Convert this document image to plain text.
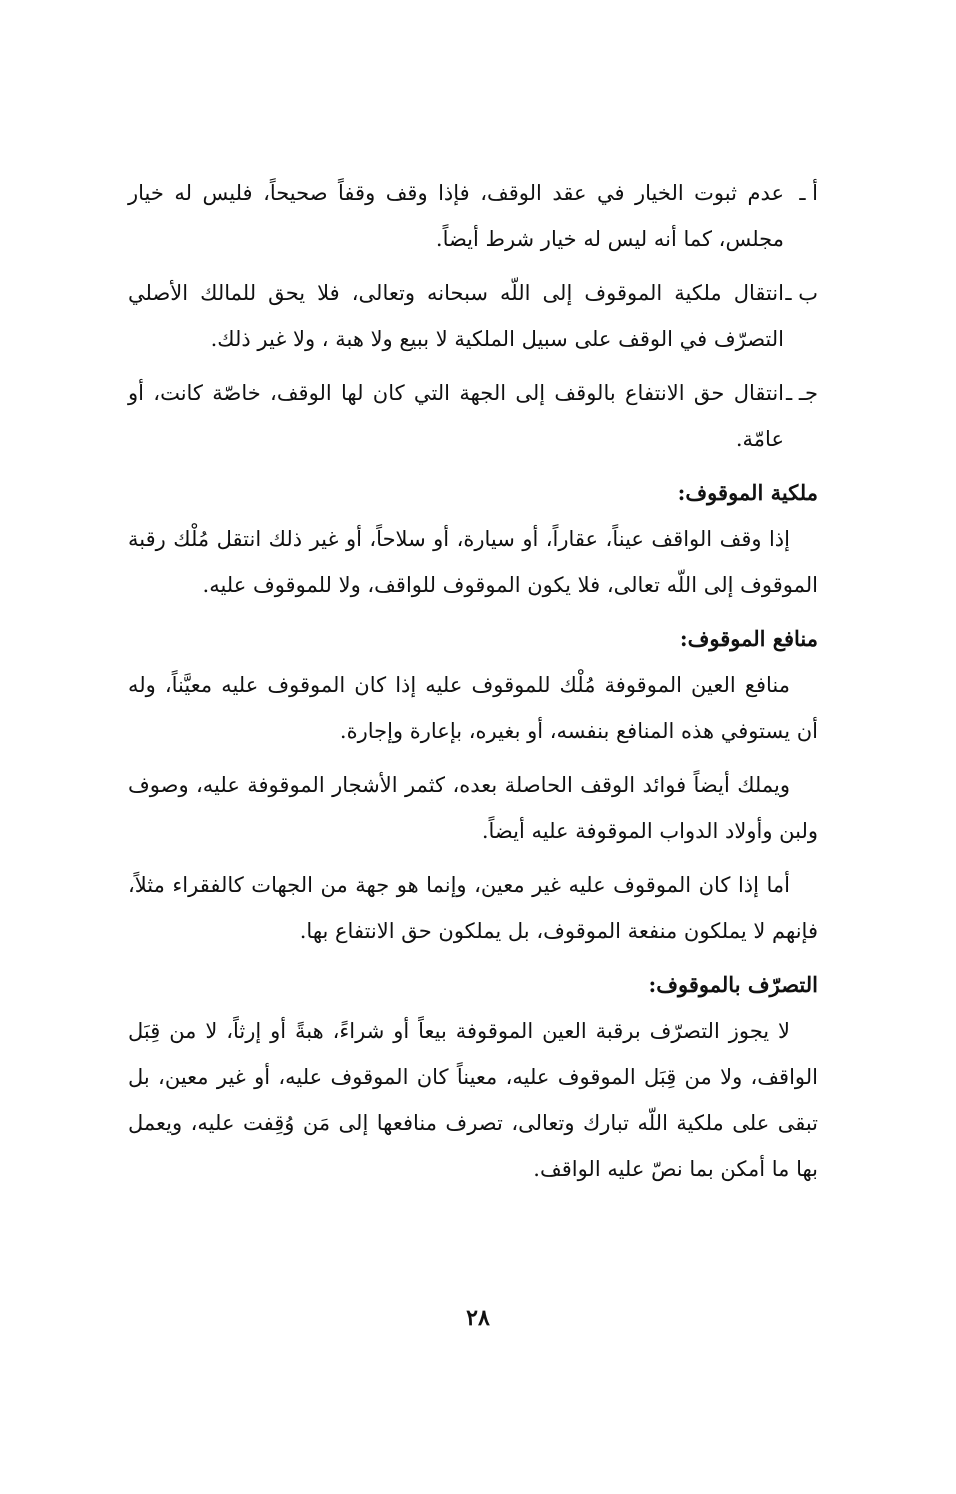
أ ـ
عدم ثبوت الخيار في عقد الوقف، فإذا وقف وقفاً صحيحاً، فليس له خيار مجلس، كما أنه ليس له خيار شرط أيضاً.
ب ـ
انتقال ملكية الموقوف إلى اللّه سبحانه وتعالى، فلا يحق للمالك الأصلي التصرّف في الوقف على سبيل الملكية لا ببيع ولا هبة ، ولا غير ذلك.
جـ ـ
انتقال حق الانتفاع بالوقف إلى الجهة التي كان لها الوقف، خاصّة كانت، أو عامّة.
ملكية الموقوف:
إذا وقف الواقف عيناً، عقاراً، أو سيارة، أو سلاحاً، أو غير ذلك انتقل مُلْك رقبة الموقوف إلى اللّه تعالى، فلا يكون الموقوف للواقف، ولا للموقوف عليه.
منافع الموقوف:
منافع العين الموقوفة مُلْك للموقوف عليه إذا كان الموقوف عليه معيَّناً، وله أن يستوفي هذه المنافع بنفسه، أو بغيره، بإعارة وإجارة.
ويملك أيضاً فوائد الوقف الحاصلة بعده، كثمر الأشجار الموقوفة عليه، وصوف ولبن وأولاد الدواب الموقوفة عليه أيضاً.
أما إذا كان الموقوف عليه غير معين، وإنما هو جهة من الجهات كالفقراء مثلاً، فإنهم لا يملكون منفعة الموقوف، بل يملكون حق الانتفاع بها.
التصرّف بالموقوف:
لا يجوز التصرّف برقبة العين الموقوفة بيعاً أو شراءً، هبةً أو إرثاً، لا من قِبَل الواقف، ولا من قِبَل الموقوف عليه، معيناً كان الموقوف عليه، أو غير معين، بل تبقى على ملكية اللّه تبارك وتعالى، تصرف منافعها إلى مَن وُقِفت عليه، ويعمل بها ما أمكن بما نصّ عليه الواقف.
٢٨
